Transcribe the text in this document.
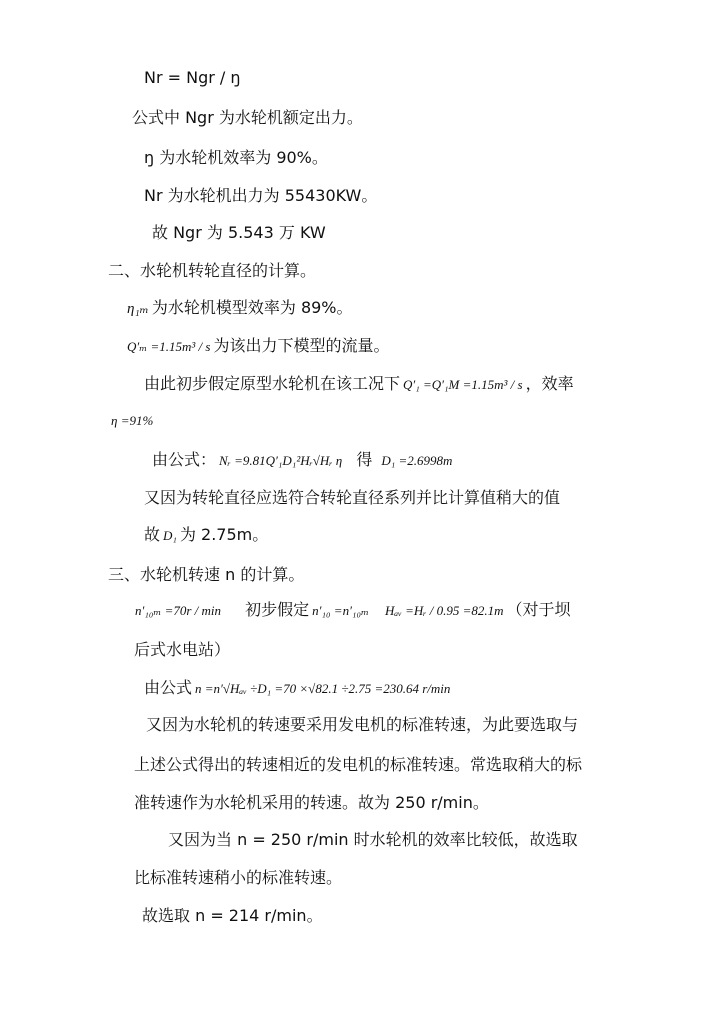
Nr = Ngr / ŋ
公式中 Ngr 为水轮机额定出力。
ŋ 为水轮机效率为 90%。
Nr 为水轮机出力为 55430KW。
故 Ngr 为 5.543 万 KW
二、水轮机转轮直径的计算。
η₁ₘ 为水轮机模型效率为 89%。
Q′ₘ =1.15m³ / s 为该出力下模型的流量。
由此初步假定原型水轮机在该工况下 Q′₁ =Q′₁M =1.15m³ / s ，效率
η =91%
由公式： Nᵣ =9.81Q′₁D₁²Hᵣ√Hᵣ η 得 D₁ =2.6998m
又因为转轮直径应选符合转轮直径系列并比计算值稍大的值
故 D₁ 为 2.75m。
三、水轮机转速 n 的计算。
n′₁₀ₘ =70r / min 初步假定 n′₁₀ =n′₁₀ₘ Hₐᵥ =Hᵣ / 0.95 =82.1m （对于坝
后式水电站）
由公式 n =n′√Hₐᵥ ÷D₁ =70 ×√82.1 ÷2.75 =230.64 r/min
又因为水轮机的转速要采用发电机的标准转速，为此要选取与
上述公式得出的转速相近的发电机的标准转速。常选取稍大的标
准转速作为水轮机采用的转速。故为 250 r/min。
又因为当 n = 250 r/min 时水轮机的效率比较低，故选取
比标准转速稍小的标准转速。
故选取 n = 214 r/min。
